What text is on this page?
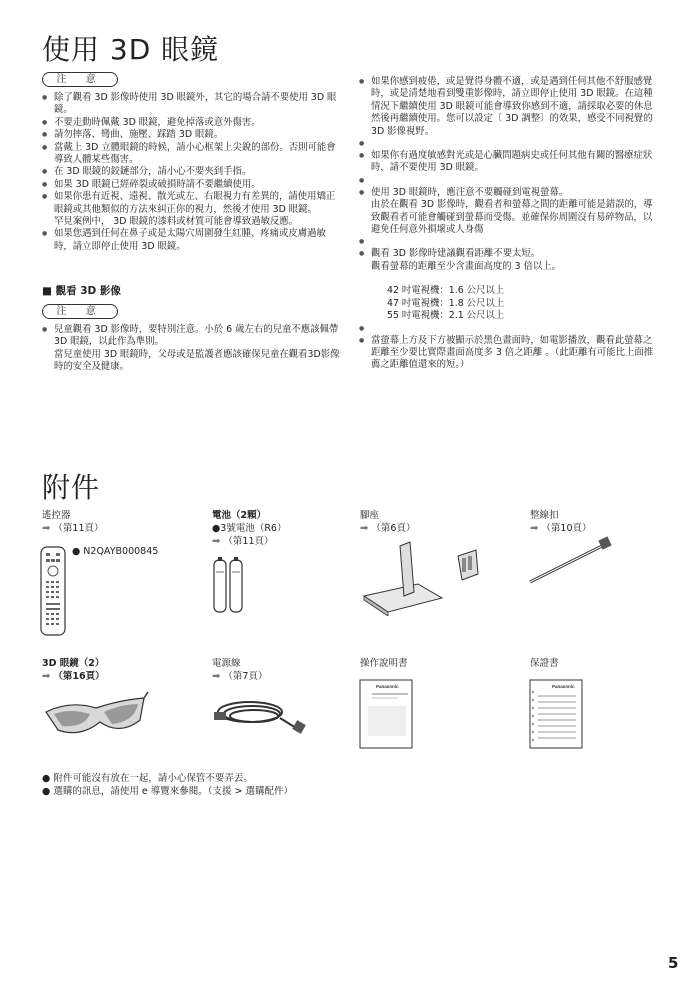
使用 3D 眼鏡
注 意
● 除了觀看 3D 影像時使用 3D 眼鏡外，其它的場合請不要使用 3D 眼鏡。
● 不要走動時佩戴 3D 眼鏡，避免掉落或意外傷害。
● 請勿摔落、彎曲、施壓、踩踏 3D 眼鏡。
● 當戴上 3D 立體眼鏡的時候，請小心框架上尖銳的部份。否則可能會導致人體某些傷害。
● 在 3D 眼鏡的鉸鏈部分，請小心不要夾到手指。
● 如果 3D 眼鏡已經碎裂或破損時請不要繼續使用。
● 如果你患有近視、遠視、散光或左、右眼視力有差異的，請使用矯正眼鏡或其他類似的方法來糾正你的視力，然後才使用 3D 眼鏡。
罕見案例中， 3D 眼鏡的漆料或材質可能會導致過敏反應。
● 如果您遇到任何在鼻子或是太陽穴周圍發生紅腫、疼痛或皮膚過敏時，請立即停止使用 3D 眼鏡。
■ 觀看 3D 影像
注 意
● 兒童觀看 3D 影像時，要特別注意。小於 6 歲左右的兒童不應該佩帶 3D 眼鏡，以此作為準則。
當兒童使用 3D 眼鏡時，父母或是監護者應該確保兒童在觀看3D影像時的安全及健康。
● 如果你感到疲倦，或是覺得身體不適，或是遇到任何其他不舒服感覺時，或是清楚地看到雙重影像時，請立即停止使用 3D 眼鏡。在這種情況下繼續使用 3D 眼鏡可能會導致你感到不適，請採取必要的休息然後再繼續使用。您可以設定〔 3D 調整〕的效果，感受不同視覺的 3D 影像視野。
●
● 如果你有過度敏感對光或是心臟問題病史或任何其他有關的醫療症狀時，請不要使用 3D 眼鏡。
●
● 使用 3D 眼鏡時，應注意不要觸碰到電視螢幕。
由於在觀看 3D 影像時，觀看者和螢幕之間的距離可能是錯誤的，導致觀看者可能會觸碰到螢幕而受傷。並確保你周圍沒有易碎物品，以避免任何意外損壞或人身傷
●
● 觀看 3D 影像時建議觀看距離不要太短。
觀看螢幕的距離至少含畫面高度的 3 倍以上。
42 吋電視機：1.6 公尺以上
47 吋電視機：1.8 公尺以上
55 吋電視機：2.1 公尺以上
●
● 當螢幕上方及下方被顯示於黑色畫面時，如電影播放，觀看此螢幕之距離至少要比實際畫面高度多 3 倍之距離 。（此距離有可能比上面推薦之距離值還來的短。）
附件
遙控器
➡ （第11頁）
● N2QAYB000845
電池（2顆）
●3號電池（R6）
➡ （第11頁）
腳座
➡ （第6頁）
整線扣
➡ （第10頁）
3D 眼鏡（2）
➡ （第16頁）
電源線
➡ （第7頁）
操作說明書
Panasonic
保證書
Panasonic
● 附件可能沒有放在一起，請小心保管不要弄丟。
● 選購的訊息，請使用 e 導覽來參閱。（支援 > 選購配件）
5
